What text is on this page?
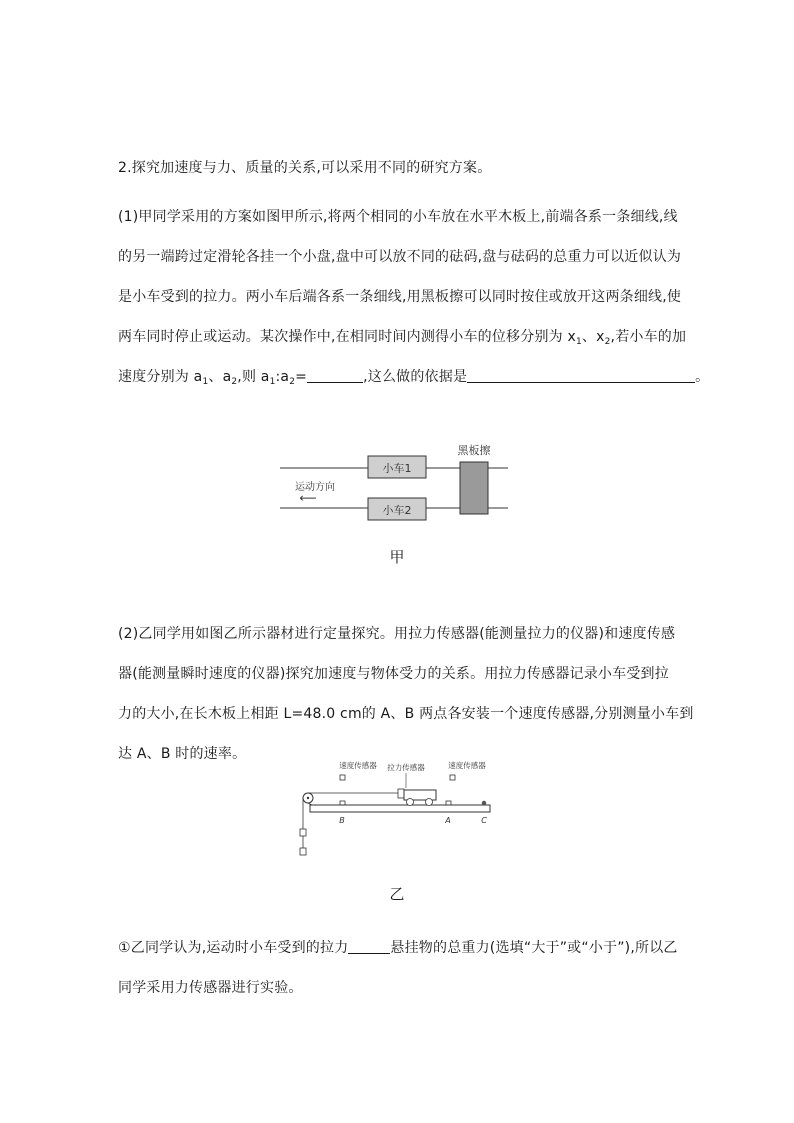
2.探究加速度与力、质量的关系,可以采用不同的研究方案。
(1)甲同学采用的方案如图甲所示,将两个相同的小车放在水平木板上,前端各系一条细线,线
的另一端跨过定滑轮各挂一个小盘,盘中可以放不同的砝码,盘与砝码的总重力可以近似认为
是小车受到的拉力。两小车后端各系一条细线,用黑板擦可以同时按住或放开这两条细线,使
两车同时停止或运动。某次操作中,在相同时间内测得小车的位移分别为 $x_1$、$x_2$,若小车的加
速度分别为 $a_1$、$a_2$,则 $a_1:a_2=$	,这么做的依据是	。
小车1
小车2
黑板擦
运动方向
⟵
甲
(2)乙同学用如图乙所示器材进行定量探究。用拉力传感器(能测量拉力的仪器)和速度传感
器(能测量瞬时速度的仪器)探究加速度与物体受力的关系。用拉力传感器记录小车受到拉
力的大小,在长木板上相距 L=48.0 cm的 A、B 两点各安装一个速度传感器,分别测量小车到
达 A、B 时的速率。
速度传感器 拉力传感器	速度传感器
B	A	C
乙
①乙同学认为,运动时小车受到的拉力	悬挂物的总重力(选填“大于”或“小于”),所以乙
同学采用力传感器进行实验。
